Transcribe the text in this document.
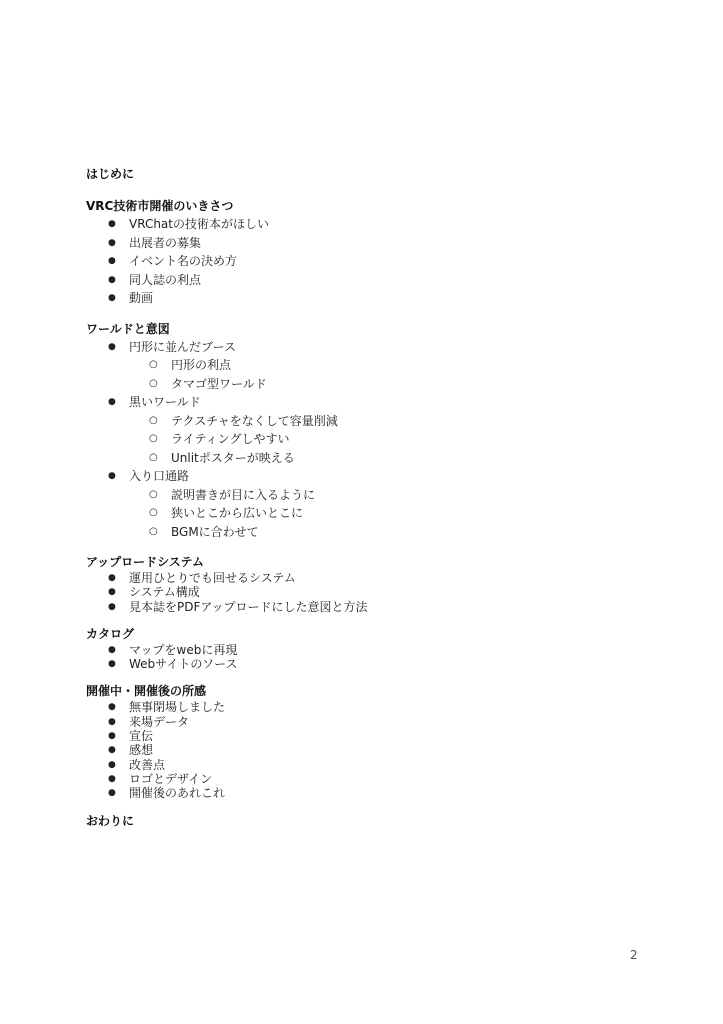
はじめに
VRC技術市開催のいきさつ
● VRChatの技術本がほしい
● 出展者の募集
● イベント名の決め方
● 同人誌の利点
● 動画
ワールドと意図
● 円形に並んだブース
○ 円形の利点
○ タマゴ型ワールド
● 黒いワールド
○ テクスチャをなくして容量削減
○ ライティングしやすい
○ Unlitポスターが映える
● 入り口通路
○ 説明書きが目に入るように
○ 狭いとこから広いとこに
○ BGMに合わせて
アップロードシステム
● 運用ひとりでも回せるシステム
● システム構成
● 見本誌をPDFアップロードにした意図と方法
カタログ
● マップをwebに再現
● Webサイトのソース
開催中・開催後の所感
● 無事閉場しました
● 来場データ
● 宣伝
● 感想
● 改善点
● ロゴとデザイン
● 開催後のあれこれ
おわりに
2
